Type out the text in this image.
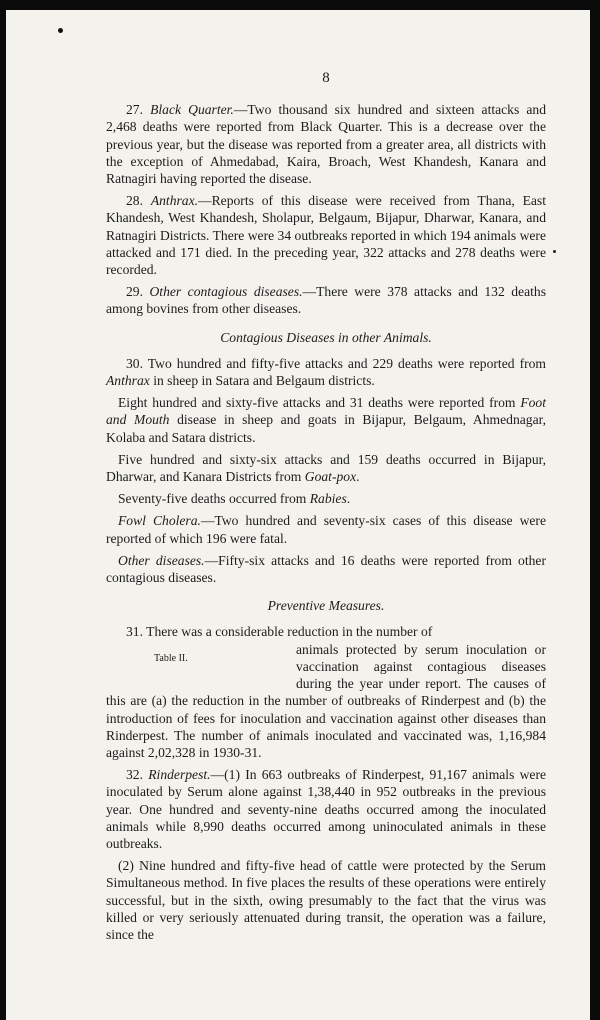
8

27. Black Quarter.—Two thousand six hundred and sixteen attacks and 2,468 deaths were reported from Black Quarter. This is a decrease over the previous year, but the disease was reported from a greater area, all districts with the exception of Ahmedabad, Kaira, Broach, West Khandesh, Kanara and Ratnagiri having reported the disease.

28. Anthrax.—Reports of this disease were received from Thana, East Khandesh, West Khandesh, Sholapur, Belgaum, Bijapur, Dharwar, Kanara, and Ratnagiri Districts. There were 34 outbreaks reported in which 194 animals were attacked and 171 died. In the preceding year, 322 attacks and 278 deaths were recorded.

29. Other contagious diseases.—There were 378 attacks and 132 deaths among bovines from other diseases.

Contagious Diseases in other Animals.

30. Two hundred and fifty-five attacks and 229 deaths were reported from Anthrax in sheep in Satara and Belgaum districts.

Eight hundred and sixty-five attacks and 31 deaths were reported from Foot and Mouth disease in sheep and goats in Bijapur, Belgaum, Ahmednagar, Kolaba and Satara districts.

Five hundred and sixty-six attacks and 159 deaths occurred in Bijapur, Dharwar, and Kanara Districts from Goat-pox.

Seventy-five deaths occurred from Rabies.

Fowl Cholera.—Two hundred and seventy-six cases of this disease were reported of which 196 were fatal.

Other diseases.—Fifty-six attacks and 16 deaths were reported from other contagious diseases.

Preventive Measures.

31. There was a considerable reduction in the number of

Table II.

animals protected by serum inoculation or vaccination against contagious diseases during the year under report. The causes of this are (a) the reduction in the number of outbreaks of Rinderpest and (b) the introduction of fees for inoculation and vaccination against other diseases than Rinderpest. The number of animals inoculated and vaccinated was, 1,16,984 against 2,02,328 in 1930-31.

32. Rinderpest.—(1) In 663 outbreaks of Rinderpest, 91,167 animals were inoculated by Serum alone against 1,38,440 in 952 outbreaks in the previous year. One hundred and seventy-nine deaths occurred among the inoculated animals while 8,990 deaths occurred among uninoculated animals in these outbreaks.

(2) Nine hundred and fifty-five head of cattle were protected by the Serum Simultaneous method. In five places the results of these operations were entirely successful, but in the sixth, owing presumably to the fact that the virus was killed or very seriously attenuated during transit, the operation was a failure, since the
